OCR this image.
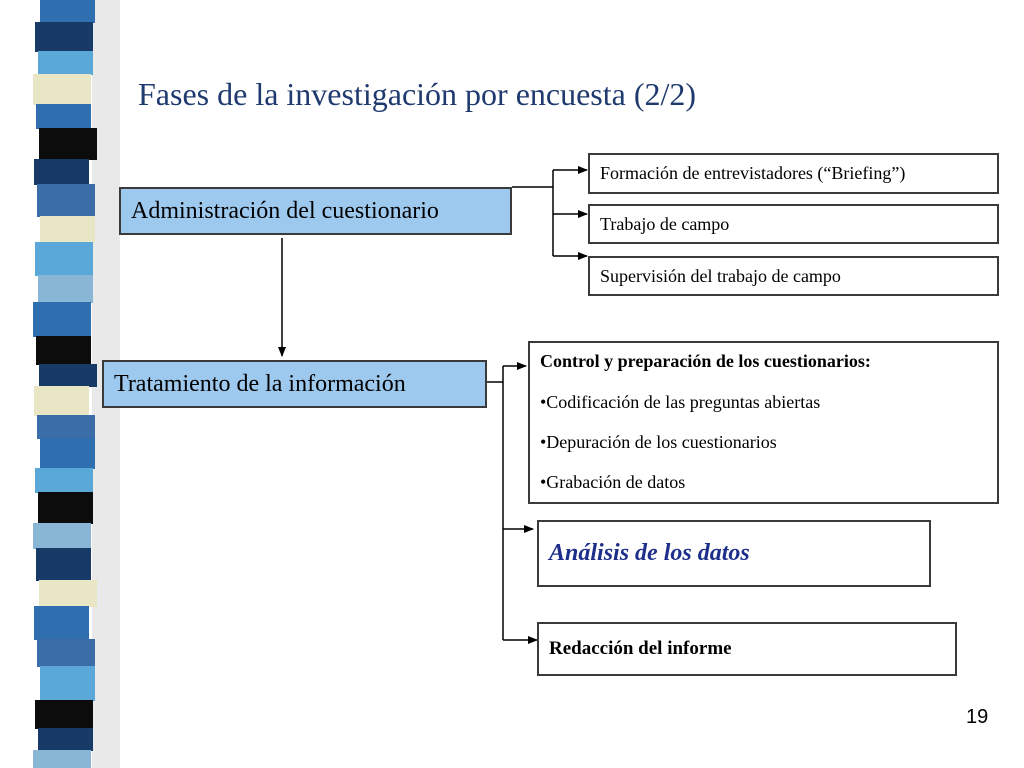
Fases de la investigación por encuesta (2/2)
Administración del cuestionario
Formación de entrevistadores (“Briefing”)
Trabajo de campo
Supervisión del trabajo de campo
Tratamiento de la información
Control y preparación de los cuestionarios:
•Codificación de las preguntas abiertas
•Depuración de los cuestionarios
•Grabación de datos
Análisis de los datos
Redacción del informe
19
